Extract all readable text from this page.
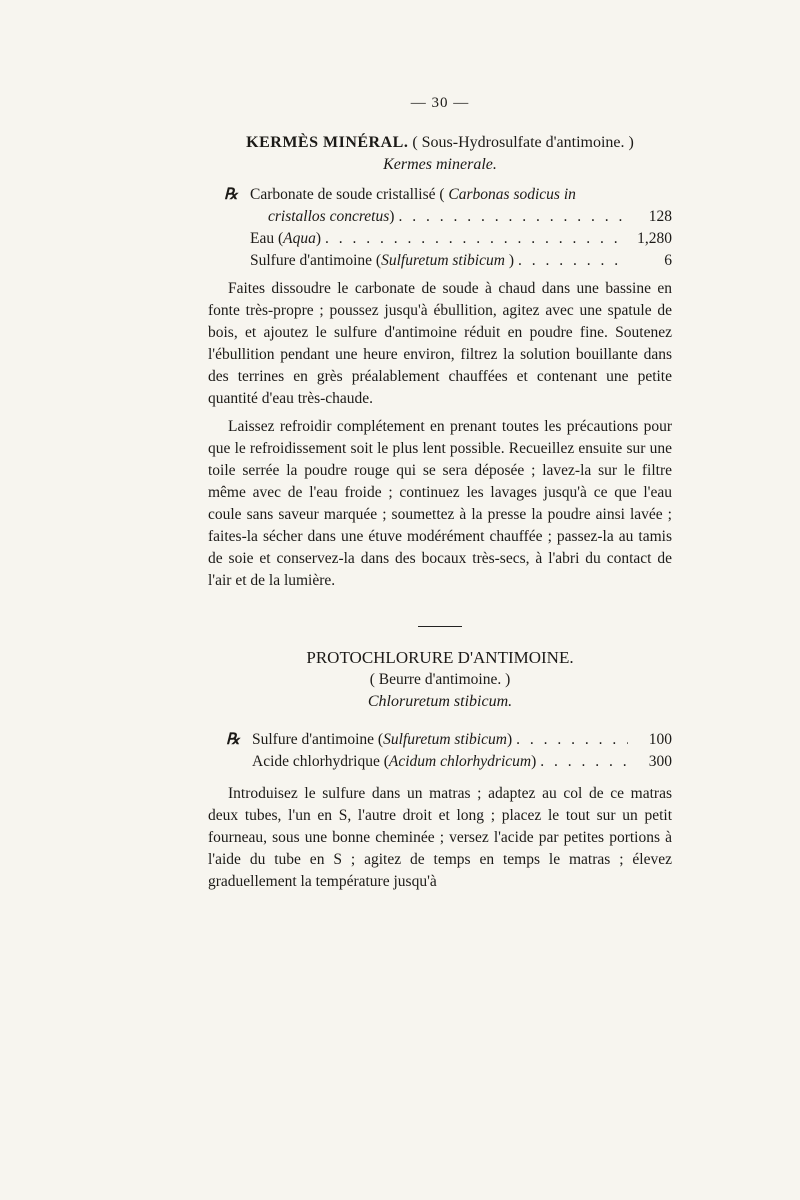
— 30 —
KERMÈS MINÉRAL. ( Sous-Hydrosulfate d'antimoine. )
Kermes minerale.
℞ Carbonate de soude cristallisé ( Carbonas sodicus in
cristallos concretus) . . .	128
Eau (Aqua) . . .	1,280
Sulfure d'antimoine (Sulfuretum stibicum ) . . .	6

Faites dissoudre le carbonate de soude à chaud dans une bassine en fonte très-propre ; poussez jusqu'à ébullition, agitez avec une spatule de bois, et ajoutez le sulfure d'antimoine réduit en poudre fine. Soutenez l'ébullition pendant une heure environ, filtrez la solution bouillante dans des terrines en grès préalablement chauffées et contenant une petite quantité d'eau très-chaude.

Laissez refroidir complétement en prenant toutes les précautions pour que le refroidissement soit le plus lent possible. Recueillez ensuite sur une toile serrée la poudre rouge qui se sera déposée ; lavez-la sur le filtre même avec de l'eau froide ; continuez les lavages jusqu'à ce que l'eau coule sans saveur marquée ; soumettez à la presse la poudre ainsi lavée ; faites-la sécher dans une étuve modérément chauffée ; passez-la au tamis de soie et conservez-la dans des bocaux très-secs, à l'abri du contact de l'air et de la lumière.

PROTOCHLORURE D'ANTIMOINE.
( Beurre d'antimoine. )
Chloruretum stibicum.
℞ Sulfure d'antimoine (Sulfuretum stibicum) . . .	100
Acide chlorhydrique (Acidum chlorhydricum) . . .	300

Introduisez le sulfure dans un matras ; adaptez au col de ce matras deux tubes, l'un en S, l'autre droit et long ; placez le tout sur un petit fourneau, sous une bonne cheminée ; versez l'acide par petites portions à l'aide du tube en S ; agitez de temps en temps le matras ; élevez graduellement la température jusqu'à
